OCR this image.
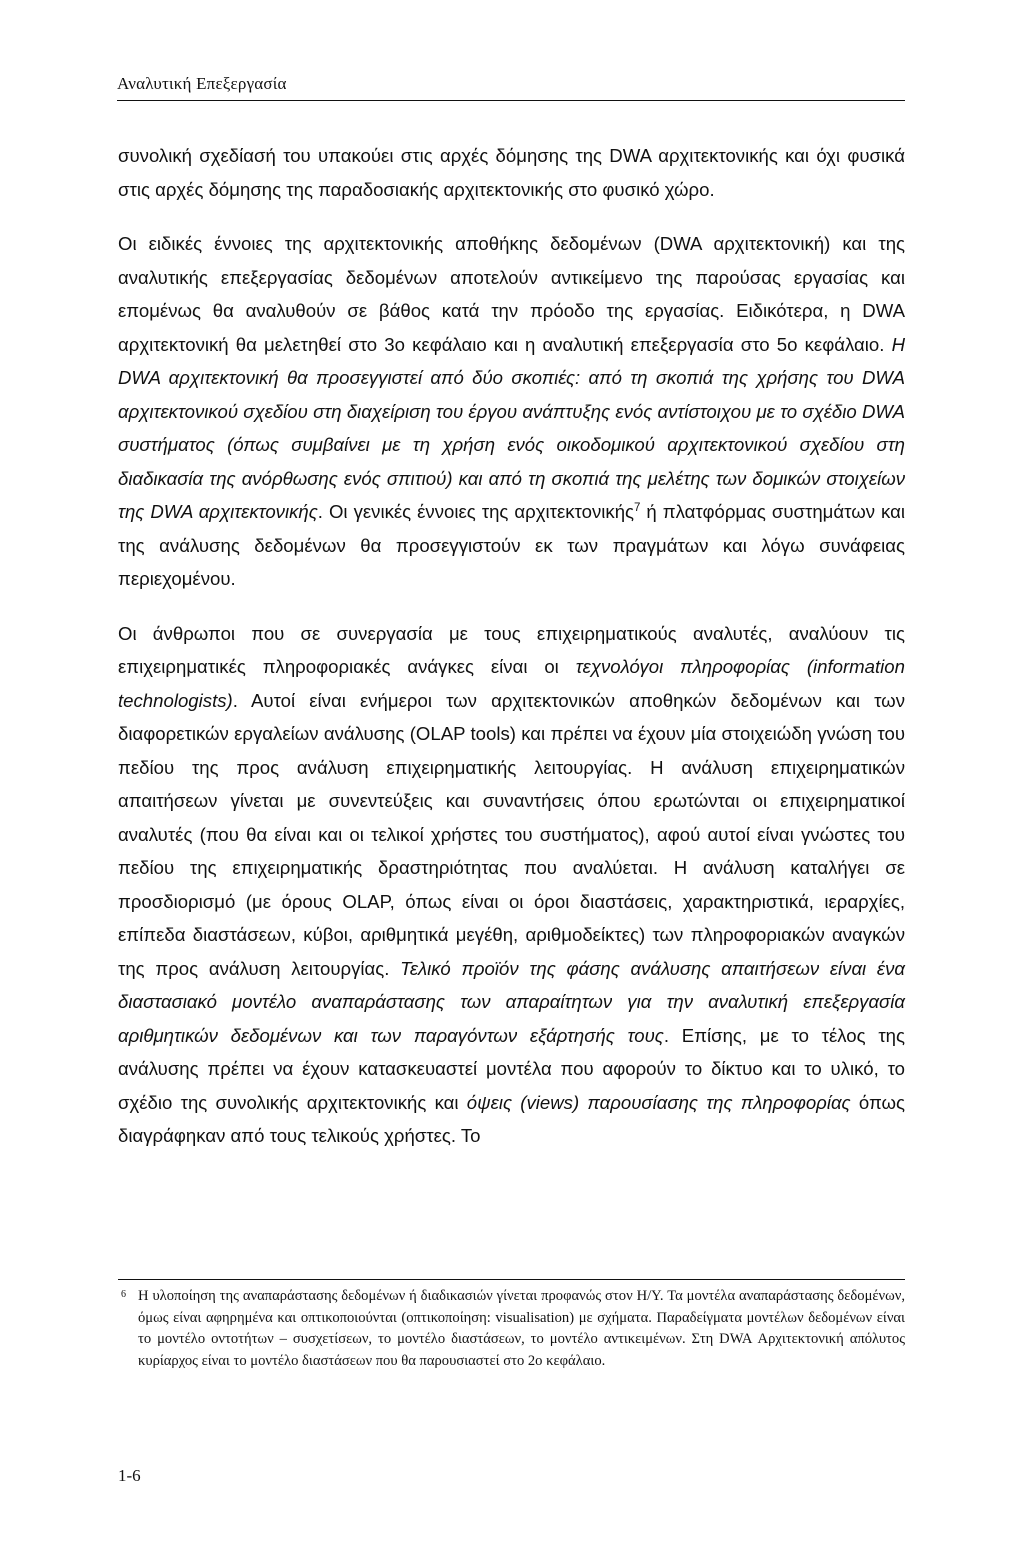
Αναλυτική Επεξεργασία

συνολική σχεδίασή του υπακούει στις αρχές δόμησης της DWA αρχιτεκτονικής και όχι φυσικά στις αρχές δόμησης της παραδοσιακής αρχιτεκτονικής στο φυσικό χώρο.

Οι ειδικές έννοιες της αρχιτεκτονικής αποθήκης δεδομένων (DWA αρχιτεκτονική) και της αναλυτικής επεξεργασίας δεδομένων αποτελούν αντικείμενο της παρούσας εργασίας και επομένως θα αναλυθούν σε βάθος κατά την πρόοδο της εργασίας. Ειδικότερα, η DWA αρχιτεκτονική θα μελετηθεί στο 3ο κεφάλαιο και η αναλυτική επεξεργασία στο 5ο κεφάλαιο. Η DWA αρχιτεκτονική θα προσεγγιστεί από δύο σκοπιές: από τη σκοπιά της χρήσης του DWA αρχιτεκτονικού σχεδίου στη διαχείριση του έργου ανάπτυξης ενός αντίστοιχου με το σχέδιο DWA συστήματος (όπως συμβαίνει με τη χρήση ενός οικοδομικού αρχιτεκτονικού σχεδίου στη διαδικασία της ανόρθωσης ενός σπιτιού) και από τη σκοπιά της μελέτης των δομικών στοιχείων της DWA αρχιτεκτονικής. Οι γενικές έννοιες της αρχιτεκτονικής$^7$ ή πλατφόρμας συστημάτων και της ανάλυσης δεδομένων θα προσεγγιστούν εκ των πραγμάτων και λόγω συνάφειας περιεχομένου.

Οι άνθρωποι που σε συνεργασία με τους επιχειρηματικούς αναλυτές, αναλύουν τις επιχειρηματικές πληροφοριακές ανάγκες είναι οι τεχνολόγοι πληροφορίας (information technologists). Αυτοί είναι ενήμεροι των αρχιτεκτονικών αποθηκών δεδομένων και των διαφορετικών εργαλείων ανάλυσης (OLAP tools) και πρέπει να έχουν μία στοιχειώδη γνώση του πεδίου της προς ανάλυση επιχειρηματικής λειτουργίας. Η ανάλυση επιχειρηματικών απαιτήσεων γίνεται με συνεντεύξεις και συναντήσεις όπου ερωτώνται οι επιχειρηματικοί αναλυτές (που θα είναι και οι τελικοί χρήστες του συστήματος), αφού αυτοί είναι γνώστες του πεδίου της επιχειρηματικής δραστηριότητας που αναλύεται. Η ανάλυση καταλήγει σε προσδιορισμό (με όρους OLAP, όπως είναι οι όροι διαστάσεις, χαρακτηριστικά, ιεραρχίες, επίπεδα διαστάσεων, κύβοι, αριθμητικά μεγέθη, αριθμοδείκτες) των πληροφοριακών αναγκών της προς ανάλυση λειτουργίας. Τελικό προϊόν της φάσης ανάλυσης απαιτήσεων είναι ένα διαστασιακό μοντέλο αναπαράστασης των απαραίτητων για την αναλυτική επεξεργασία αριθμητικών δεδομένων και των παραγόντων εξάρτησής τους. Επίσης, με το τέλος της ανάλυσης πρέπει να έχουν κατασκευαστεί μοντέλα που αφορούν το δίκτυο και το υλικό, το σχέδιο της συνολικής αρχιτεκτονικής και όψεις (views) παρουσίασης της πληροφορίας όπως διαγράφηκαν από τους τελικούς χρήστες. Το

6 Η υλοποίηση της αναπαράστασης δεδομένων ή διαδικασιών γίνεται προφανώς στον Η/Υ. Τα μοντέλα αναπαράστασης δεδομένων, όμως είναι αφηρημένα και οπτικοποιούνται (οπτικοποίηση: visualisation) με σχήματα. Παραδείγματα μοντέλων δεδομένων είναι το μοντέλο οντοτήτων – συσχετίσεων, το μοντέλο διαστάσεων, το μοντέλο αντικειμένων. Στη DWA Αρχιτεκτονική απόλυτος κυρίαρχος είναι το μοντέλο διαστάσεων που θα παρουσιαστεί στο 2ο κεφάλαιο.
1-6
